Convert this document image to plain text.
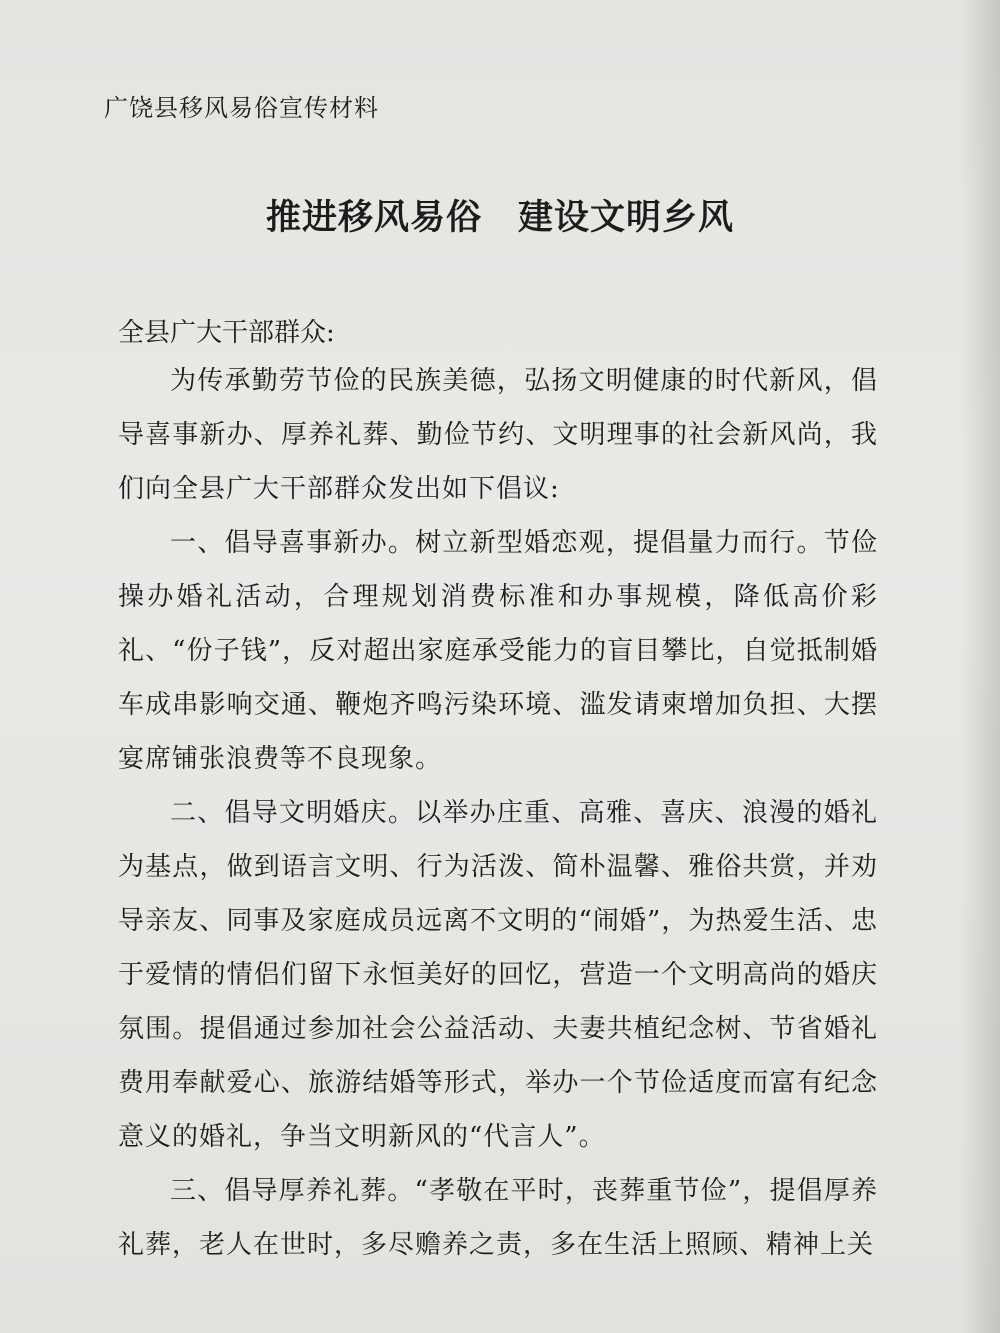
广饶县移风易俗宣传材料
推进移风易俗　建设文明乡风
全县广大干部群众:

为传承勤劳节俭的民族美德，弘扬文明健康的时代新风，倡导喜事新办、厚养礼葬、勤俭节约、文明理事的社会新风尚，我们向全县广大干部群众发出如下倡议:

一、倡导喜事新办。树立新型婚恋观，提倡量力而行。节俭操办婚礼活动，合理规划消费标准和办事规模，降低高价彩礼、“份子钱”，反对超出家庭承受能力的盲目攀比，自觉抵制婚车成串影响交通、鞭炮齐鸣污染环境、滥发请柬增加负担、大摆宴席铺张浪费等不良现象。

二、倡导文明婚庆。以举办庄重、高雅、喜庆、浪漫的婚礼为基点，做到语言文明、行为活泼、简朴温馨、雅俗共赏，并劝导亲友、同事及家庭成员远离不文明的“闹婚”，为热爱生活、忠于爱情的情侣们留下永恒美好的回忆，营造一个文明高尚的婚庆氛围。提倡通过参加社会公益活动、夫妻共植纪念树、节省婚礼费用奉献爱心、旅游结婚等形式，举办一个节俭适度而富有纪念意义的婚礼，争当文明新风的“代言人”。

三、倡导厚养礼葬。“孝敬在平时，丧葬重节俭”，提倡厚养礼葬，老人在世时，多尽赡养之责，多在生活上照顾、精神上关
